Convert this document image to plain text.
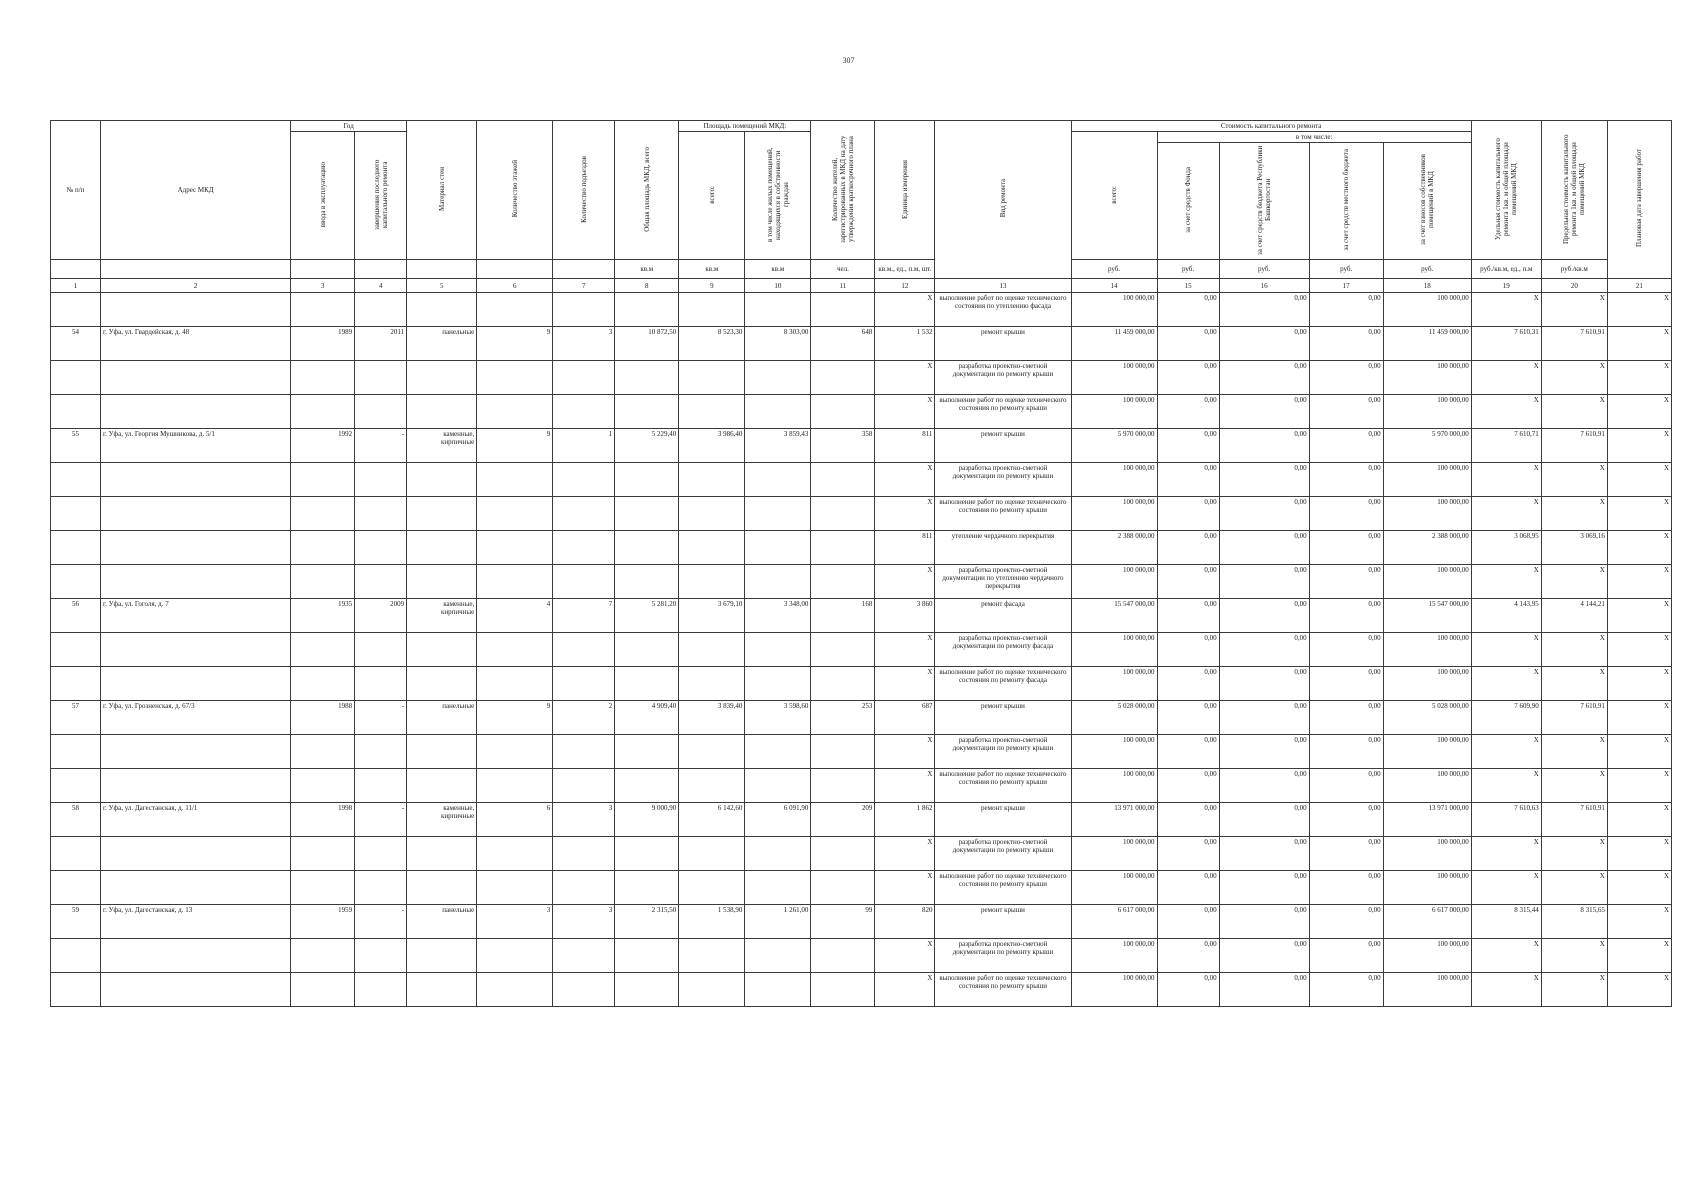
307
№ п/п	Адрес МКД	Год		Материал стен	Количество этажей	Количество подъездов	Общая площадь МКД, всего	Площадь помещений МКД:		Количество жителей, зарегистрированных в МКД на дату утверждения краткосрочного плана	Единица измерения	Вид ремонта	Стоимость капитального ремонта					Удельная стоимость капитального ремонта 1кв. м общей площади помещений МКД	Предельная стоимость капитального ремонта 1кв. м общей площади помещений МКД	Плановая дата завершения работ
		ввода в эксплуатацию	завершения последнего капитального ремонта					всего:	в том числе жилых помещений, находящихся в собственности граждан				всего:	в том числе:						
														за счет средств Фонда	за счет средств бюджета Республики Башкортостан	за счет средств местного бюджета	за счет взносов собственников помещений в МКД			
							кв.м	кв.м	кв.м	чел.	кв.м., ед., п.м, шт.		руб.	руб.	руб.	руб.	руб.	руб./кв.м, ед., п.м	руб./кв.м	
1	2	3	4	5	6	7	8	9	10	11	12	13	14	15	16	17	18	19	20	21
											X	выполнение работ по оценке технического состояния по утеплению фасада	100 000,00	0,00	0,00	0,00	100 000,00	X	X	X
54	г. Уфа, ул. Гвардейская, д. 48	1989	2011	панельные	9	3	10 872,50	8 523,30	8 303,00	648	1 532	ремонт крыши	11 459 000,00	0,00	0,00	0,00	11 459 000,00	7 610,31	7 610,91	X
											X	разработка проектно-сметной документации по ремонту крыши	100 000,00	0,00	0,00	0,00	100 000,00	X	X	X
											X	выполнение работ по оценке технического состояния по ремонту крыши	100 000,00	0,00	0,00	0,00	100 000,00	X	X	X
55	г. Уфа, ул. Георгия Мушникова, д. 5/1	1992	-	каменные, кирпичные	9	1	5 229,40	3 986,40	3 859,43	358	811	ремонт крыши	5 970 000,00	0,00	0,00	0,00	5 970 000,00	7 610,71	7 610,91	X
											X	разработка проектно-сметной документации по ремонту крыши	100 000,00	0,00	0,00	0,00	100 000,00	X	X	X
											X	выполнение работ по оценке технического состояния по ремонту крыши	100 000,00	0,00	0,00	0,00	100 000,00	X	X	X
											811	утепление чердачного перекрытия	2 388 000,00	0,00	0,00	0,00	2 388 000,00	3 068,95	3 069,16	X
											X	разработка проектно-сметной документации по утеплению чердачного перекрытия	100 000,00	0,00	0,00	0,00	100 000,00	X	X	X
56	г. Уфа, ул. Гоголя, д. 7	1935	2009	каменные, кирпичные	4	7	5 281,20	3 679,10	3 348,00	168	3 860	ремонт фасада	15 547 000,00	0,00	0,00	0,00	15 547 000,00	4 143,95	4 144,21	X
											X	разработка проектно-сметной документации по ремонту фасада	100 000,00	0,00	0,00	0,00	100 000,00	X	X	X
											X	выполнение работ по оценке технического состояния по ремонту фасада	100 000,00	0,00	0,00	0,00	100 000,00	X	X	X
57	г. Уфа, ул. Грозненская, д. 67/3	1988	-	панельные	9	2	4 909,40	3 839,40	3 598,60	253	687	ремонт крыши	5 028 000,00	0,00	0,00	0,00	5 028 000,00	7 609,90	7 610,91	X
											X	разработка проектно-сметной документации по ремонту крыши	100 000,00	0,00	0,00	0,00	100 000,00	X	X	X
											X	выполнение работ по оценке технического состояния по ремонту крыши	100 000,00	0,00	0,00	0,00	100 000,00	X	X	X
58	г. Уфа, ул. Дагестанская, д. 11/1	1998	-	каменные, кирпичные	6	3	9 000,90	6 142,60	6 091,90	209	1 862	ремонт крыши	13 971 000,00	0,00	0,00	0,00	13 971 000,00	7 610,63	7 610,91	X
											X	разработка проектно-сметной документации по ремонту крыши	100 000,00	0,00	0,00	0,00	100 000,00	X	X	X
											X	выполнение работ по оценке технического состояния по ремонту крыши	100 000,00	0,00	0,00	0,00	100 000,00	X	X	X
59	г. Уфа, ул. Дагестанская, д. 13	1959	-	панельные	3	3	2 315,50	1 538,90	1 261,00	99	820	ремонт крыши	6 617 000,00	0,00	0,00	0,00	6 617 000,00	8 315,44	8 315,65	X
											X	разработка проектно-сметной документации по ремонту крыши	100 000,00	0,00	0,00	0,00	100 000,00	X	X	X
											X	выполнение работ по оценке технического состояния по ремонту крыши	100 000,00	0,00	0,00	0,00	100 000,00	X	X	X
